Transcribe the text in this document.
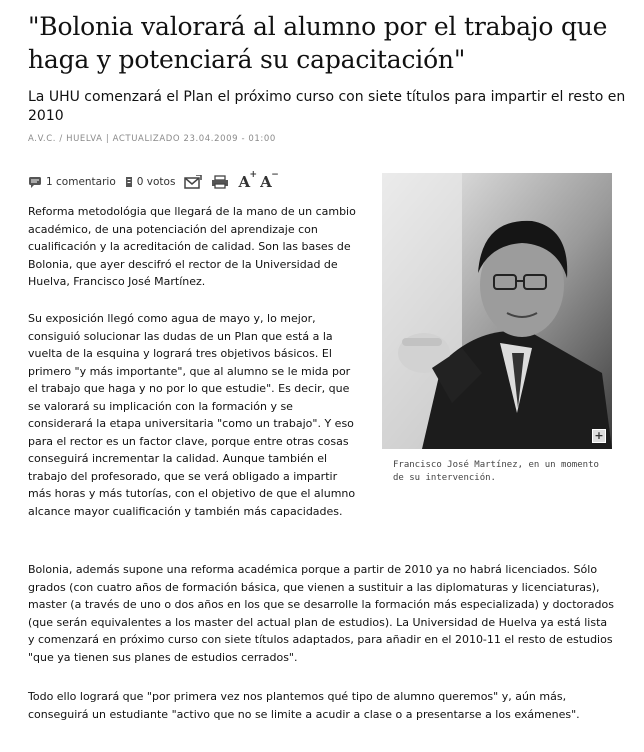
"Bolonia valorará al alumno por el trabajo que haga y potenciará su capacitación"
La UHU comenzará el Plan el próximo curso con siete títulos para impartir el resto en 2010
A.V.C. / HUELVA | ACTUALIZADO 23.04.2009 - 01:00
1 comentario 0 votos	A+ A−

Reforma metodológia que llegará de la mano de un cambio académico, de una potenciación del aprendizaje con cualificación y la acreditación de calidad. Son las bases de Bolonia, que ayer descifró el rector de la Universidad de Huelva, Francisco José Martínez.

Su exposición llegó como agua de mayo y, lo mejor, consiguió solucionar las dudas de un Plan que está a la vuelta de la esquina y logrará tres objetivos básicos. El primero "y más importante", que al alumno se le mida por el trabajo que haga y no por lo que estudie". Es decir, que se valorará su implicación con la formación y se considerará la etapa universitaria "como un trabajo". Y eso para el rector es un factor clave, porque entre otras cosas conseguirá incrementar la calidad. Aunque también el trabajo del profesorado, que se verá obligado a impartir más horas y más tutorías, con el objetivo de que el alumno alcance mayor cualificación y también más capacidades.

+
Francisco José Martínez, en un momento de su intervención.

Bolonia, además supone una reforma académica porque a partir de 2010 ya no habrá licenciados. Sólo grados (con cuatro años de formación básica, que vienen a sustituir a las diplomaturas y licenciaturas), master (a través de uno o dos años en los que se desarrolle la formación más especializada) y doctorados (que serán equivalentes a los master del actual plan de estudios). La Universidad de Huelva ya está lista y comenzará en próximo curso con siete títulos adaptados, para añadir en el 2010-11 el resto de estudios "que ya tienen sus planes de estudios cerrados".

Todo ello logrará que "por primera vez nos plantemos qué tipo de alumno queremos" y, aún más, conseguirá un estudiante "activo que no se limite a acudir a clase o a presentarse a los exámenes".
